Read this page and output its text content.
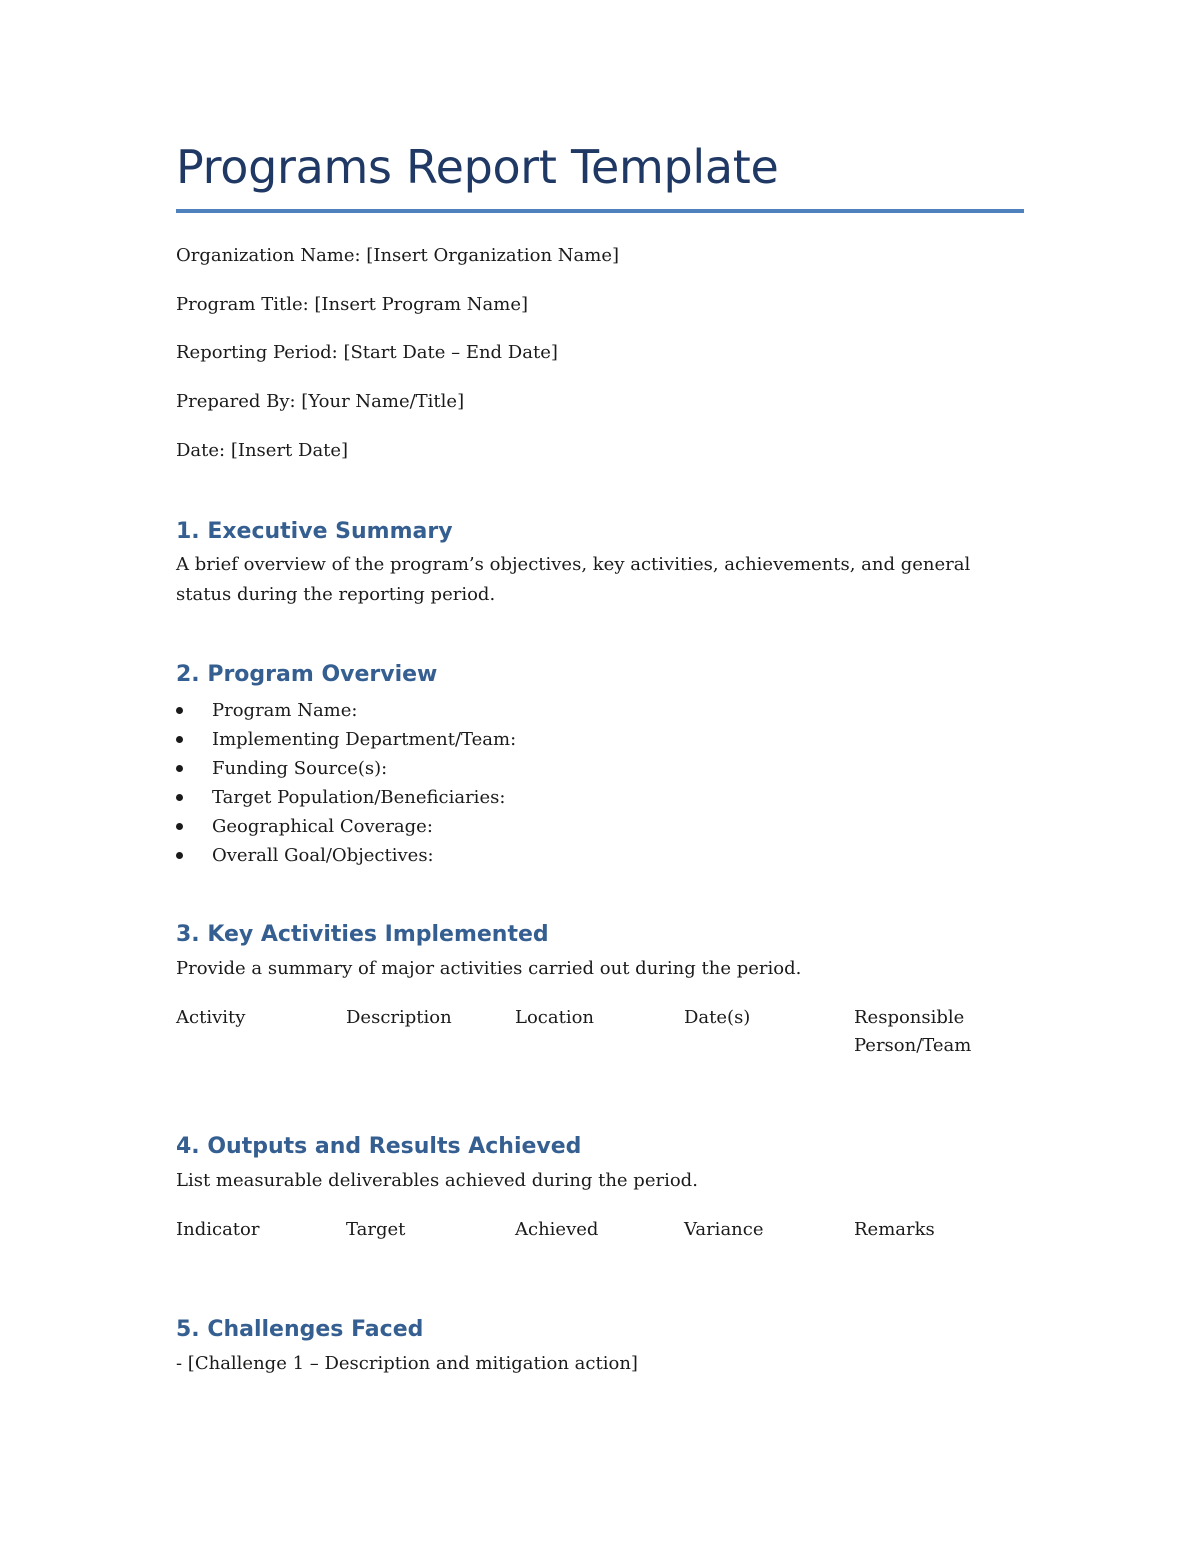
Programs Report Template

Organization Name: [Insert Organization Name]

Program Title: [Insert Program Name]

Reporting Period: [Start Date – End Date]

Prepared By: [Your Name/Title]

Date: [Insert Date]

1. Executive Summary

A brief overview of the program’s objectives, key activities, achievements, and general status during the reporting period.

2. Program Overview
Program Name:
Implementing Department/Team:
Funding Source(s):
Target Population/Beneficiaries:
Geographical Coverage:
Overall Goal/Objectives:
3. Key Activities Implemented

Provide a summary of major activities carried out during the period.

Activity	Description	Location	Date(s)	Responsible Person/Team
4. Outputs and Results Achieved

List measurable deliverables achieved during the period.

Indicator	Target	Achieved	Variance	Remarks
5. Challenges Faced

- [Challenge 1 – Description and mitigation action]
